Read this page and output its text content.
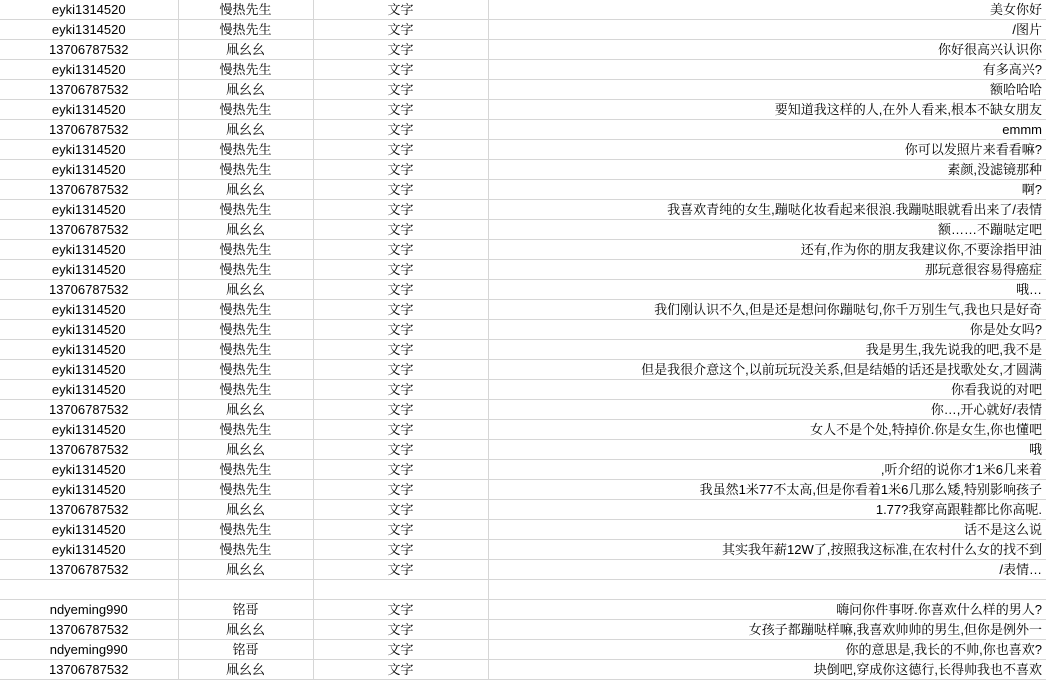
eyki1314520	慢热先生	文字	美女你好
eyki1314520	慢热先生	文字	/图片
13706787532	凧幺幺	文字	你好很高兴认识你
eyki1314520	慢热先生	文字	有多高兴?
13706787532	凧幺幺	文字	额哈哈哈
eyki1314520	慢热先生	文字	要知道我这样的人,在外人看来,根本不缺女朋友
13706787532	凧幺幺	文字	emmm
eyki1314520	慢热先生	文字	你可以发照片来看看嘛?
eyki1314520	慢热先生	文字	素颜,没滤镜那种
13706787532	凧幺幺	文字	啊?
eyki1314520	慢热先生	文字	我喜欢青纯的女生,蹦哒化妆看起来很浪.我蹦哒眼就看出来了/表情
13706787532	凧幺幺	文字	额……不蹦哒定吧
eyki1314520	慢热先生	文字	还有,作为你的朋友我建议你,不要涂指甲油
eyki1314520	慢热先生	文字	那玩意很容易得癌症
13706787532	凧幺幺	文字	哦…
eyki1314520	慢热先生	文字	我们刚认识不久,但是还是想问你蹦哒匂,你千万别生气,我也只是好奇
eyki1314520	慢热先生	文字	你是处女吗?
eyki1314520	慢热先生	文字	我是男生,我先说我的吧,我不是
eyki1314520	慢热先生	文字	但是我很介意这个,以前玩玩没关系,但是结婚的话还是找歌处女,才圆满
eyki1314520	慢热先生	文字	你看我说的对吧
13706787532	凧幺幺	文字	你…,开心就好/表情
eyki1314520	慢热先生	文字	女人不是个处,特掉价.你是女生,你也懂吧
13706787532	凧幺幺	文字	哦
eyki1314520	慢热先生	文字	,听介绍的说你才1米6几来着
eyki1314520	慢热先生	文字	我虽然1米77不太高,但是你看着1米6几那么矮,特别影响孩子
13706787532	凧幺幺	文字	1.77?我穿高跟鞋都比你高呢.
eyki1314520	慢热先生	文字	话不是这么说
eyki1314520	慢热先生	文字	其实我年薪12W了,按照我这标准,在农村什么女的找不到
13706787532	凧幺幺	文字	/表情…

ndyeming990	铭哥	文字	嗨问你件事呀.你喜欢什么样的男人?
13706787532	凧幺幺	文字	女孩子都蹦哒样嘛,我喜欢帅帅的男生,但你是例外一
ndyeming990	铭哥	文字	你的意思是,我长的不帅,你也喜欢?
13706787532	凧幺幺	文字	块倒吧,穿成你这德行,长得帅我也不喜欢
